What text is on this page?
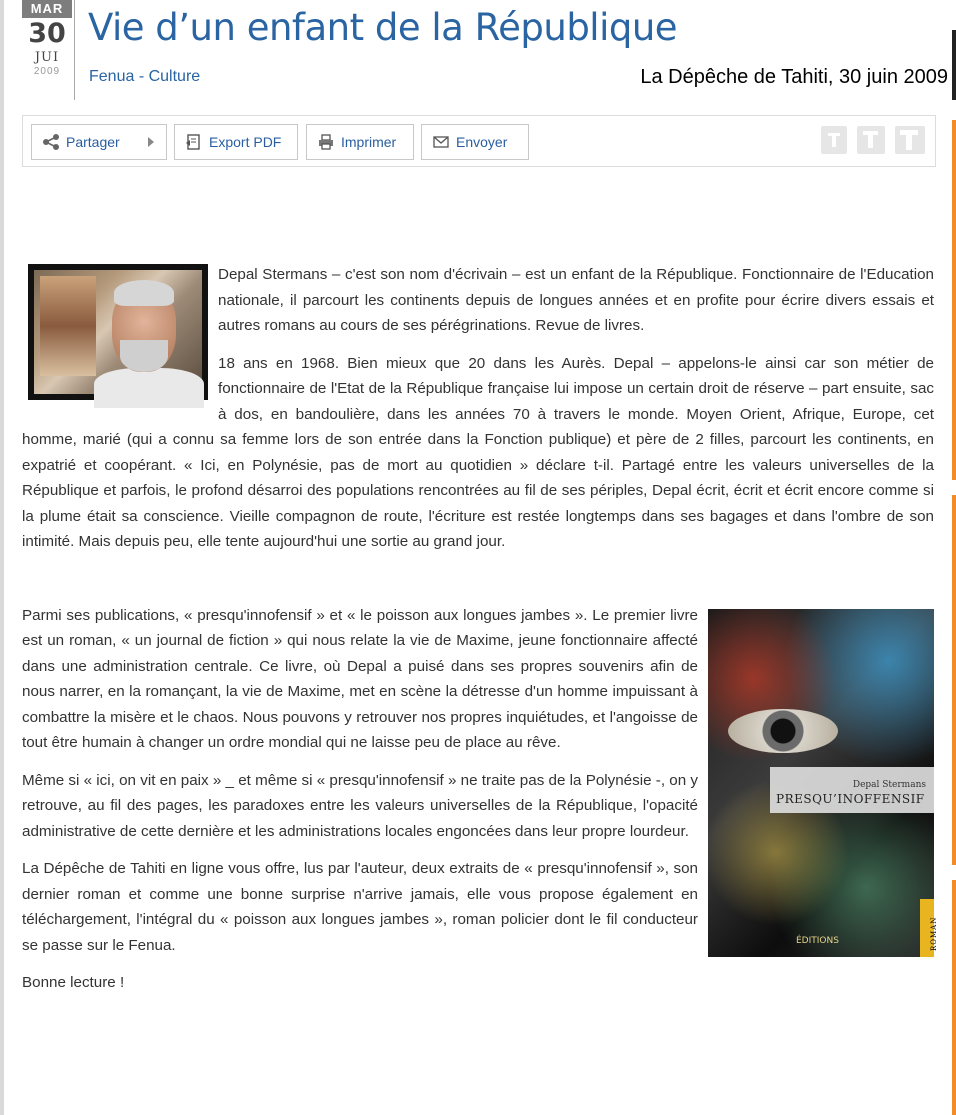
MAR
30
JUI
2009
Vie d’un enfant de la République
Fenua - Culture	La Dépêche de Tahiti, 30 juin 2009
Partager	Export PDF	Imprimer	Envoyer

Depal Stermans – c'est son nom d'écrivain – est un enfant de la République. Fonctionnaire de l'Education nationale, il parcourt les continents depuis de longues années et en profite pour écrire divers essais et autres romans au cours de ses pérégrinations. Revue de livres.

18 ans en 1968. Bien mieux que 20 dans les Aurès. Depal – appelons-le ainsi car son métier de fonctionnaire de l'Etat de la République française lui impose un certain droit de réserve – part ensuite, sac à dos, en bandoulière, dans les années 70 à travers le monde. Moyen Orient, Afrique, Europe, cet homme, marié (qui a connu sa femme lors de son entrée dans la Fonction publique) et père de 2 filles, parcourt les continents, en expatrié et coopérant. « Ici, en Polynésie, pas de mort au quotidien » déclare t-il. Partagé entre les valeurs universelles de la République et parfois, le profond désarroi des populations rencontrées au fil de ses périples, Depal écrit, écrit et écrit encore comme si la plume était sa conscience. Vieille compagnon de route, l'écriture est restée longtemps dans ses bagages et dans l'ombre de son intimité. Mais depuis peu, elle tente aujourd'hui une sortie au grand jour.

Depal Stermans
PRESQU’INOFFENSIF
ROMAN
ÉDITIONS

Parmi ses publications, « presqu'innofensif » et « le poisson aux longues jambes ». Le premier livre est un roman, « un journal de fiction » qui nous relate la vie de Maxime, jeune fonctionnaire affecté dans une administration centrale. Ce livre, où Depal a puisé dans ses propres souvenirs afin de nous narrer, en la romançant, la vie de Maxime, met en scène la détresse d'un homme impuissant à combattre la misère et le chaos. Nous pouvons y retrouver nos propres inquiétudes, et l'angoisse de tout être humain à changer un ordre mondial qui ne laisse peu de place au rêve.

Même si « ici, on vit en paix » _ et même si « presqu'innofensif » ne traite pas de la Polynésie -, on y retrouve, au fil des pages, les paradoxes entre les valeurs universelles de la République, l'opacité administrative de cette dernière et les administrations locales engoncées dans leur propre lourdeur.

La Dépêche de Tahiti en ligne vous offre, lus par l'auteur, deux extraits de « presqu'innofensif », son dernier roman et comme une bonne surprise n'arrive jamais, elle vous propose également en téléchargement, l'intégral du « poisson aux longues jambes », roman policier dont le fil conducteur se passe sur le Fenua.

Bonne lecture !
